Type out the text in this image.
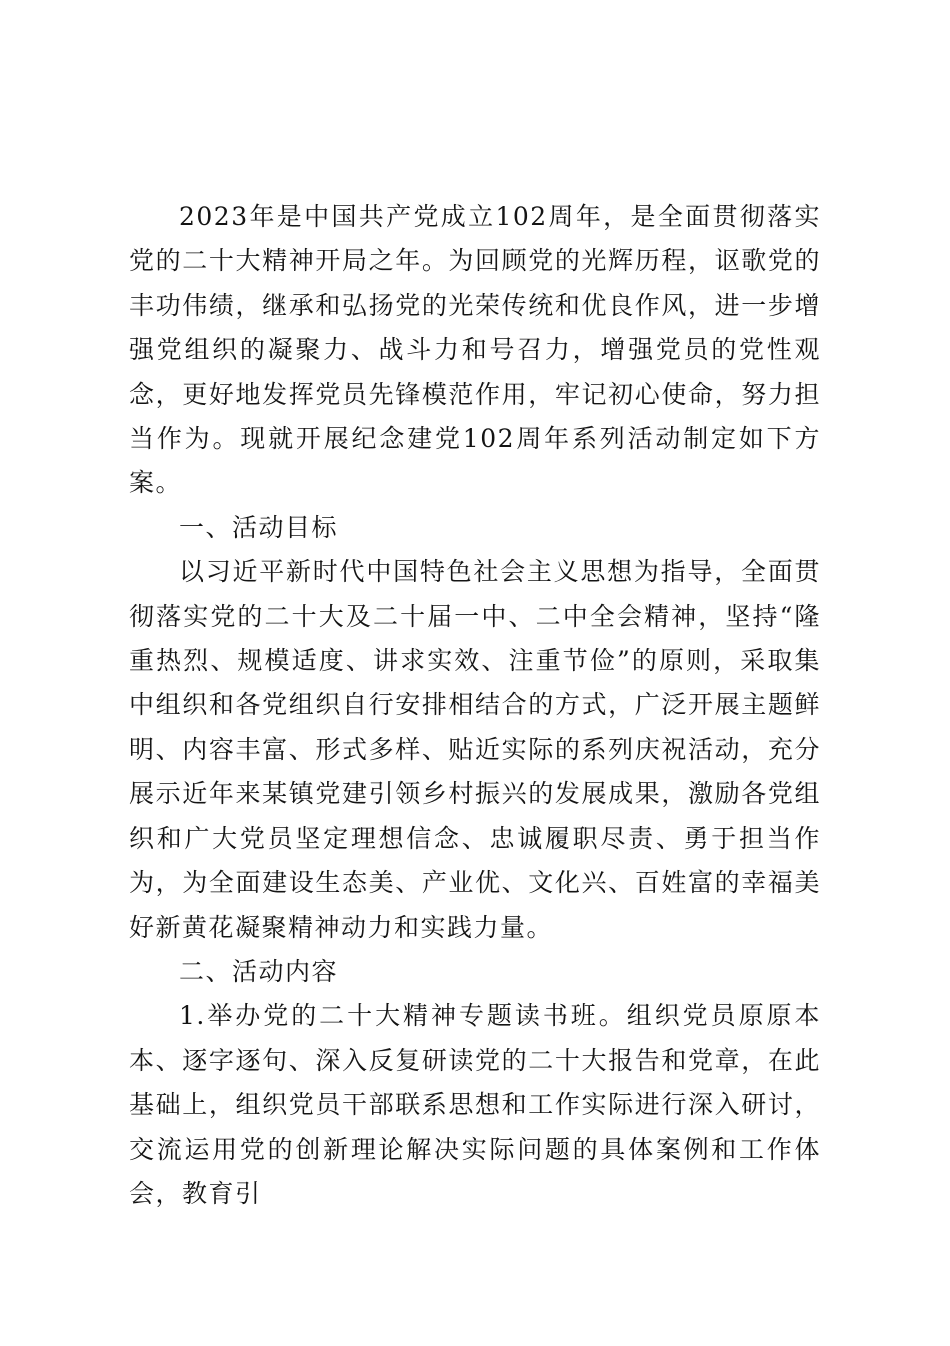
2023年是中国共产党成立102周年，是全面贯彻落实党的二十大精神开局之年。为回顾党的光辉历程，讴歌党的丰功伟绩，继承和弘扬党的光荣传统和优良作风，进一步增强党组织的凝聚力、战斗力和号召力，增强党员的党性观念，更好地发挥党员先锋模范作用，牢记初心使命，努力担当作为。现就开展纪念建党102周年系列活动制定如下方案。

一、活动目标

以习近平新时代中国特色社会主义思想为指导，全面贯彻落实党的二十大及二十届一中、二中全会精神，坚持“隆重热烈、规模适度、讲求实效、注重节俭”的原则，采取集中组织和各党组织自行安排相结合的方式，广泛开展主题鲜明、内容丰富、形式多样、贴近实际的系列庆祝活动，充分展示近年来某镇党建引领乡村振兴的发展成果，激励各党组织和广大党员坚定理想信念、忠诚履职尽责、勇于担当作为，为全面建设生态美、产业优、文化兴、百姓富的幸福美好新黄花凝聚精神动力和实践力量。

二、活动内容

1.举办党的二十大精神专题读书班。组织党员原原本本、逐字逐句、深入反复研读党的二十大报告和党章，在此基础上，组织党员干部联系思想和工作实际进行深入研讨，交流运用党的创新理论解决实际问题的具体案例和工作体会，教育引
